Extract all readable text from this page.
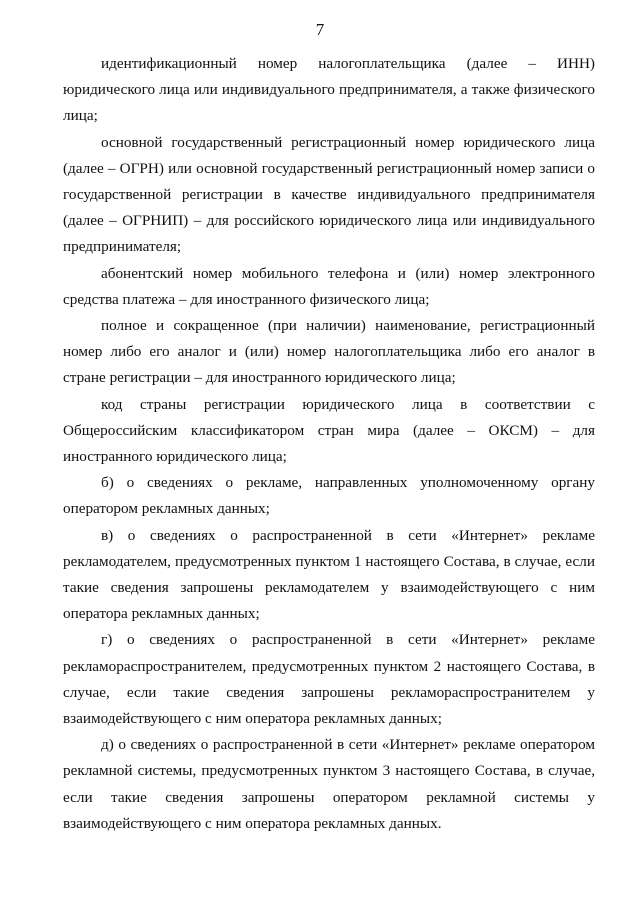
7

идентификационный номер налогоплательщика (далее – ИНН) юридического лица или индивидуального предпринимателя, а также физического лица;

основной государственный регистрационный номер юридического лица (далее – ОГРН) или основной государственный регистрационный номер записи о государственной регистрации в качестве индивидуального предпринимателя (далее – ОГРНИП) – для российского юридического лица или индивидуального предпринимателя;

абонентский номер мобильного телефона и (или) номер электронного средства платежа – для иностранного физического лица;

полное и сокращенное (при наличии) наименование, регистрационный номер либо его аналог и (или) номер налогоплательщика либо его аналог в стране регистрации – для иностранного юридического лица;

код страны регистрации юридического лица в соответствии с Общероссийским классификатором стран мира (далее – ОКСМ) – для иностранного юридического лица;

б) о сведениях о рекламе, направленных уполномоченному органу оператором рекламных данных;

в) о сведениях о распространенной в сети «Интернет» рекламе рекламодателем, предусмотренных пунктом 1 настоящего Состава, в случае, если такие сведения запрошены рекламодателем у взаимодействующего с ним оператора рекламных данных;

г) о сведениях о распространенной в сети «Интернет» рекламе рекламораспространителем, предусмотренных пунктом 2 настоящего Состава, в случае, если такие сведения запрошены рекламораспространителем у взаимодействующего с ним оператора рекламных данных;

д) о сведениях о распространенной в сети «Интернет» рекламе оператором рекламной системы, предусмотренных пунктом 3 настоящего Состава, в случае, если такие сведения запрошены оператором рекламной системы у взаимодействующего с ним оператора рекламных данных.
